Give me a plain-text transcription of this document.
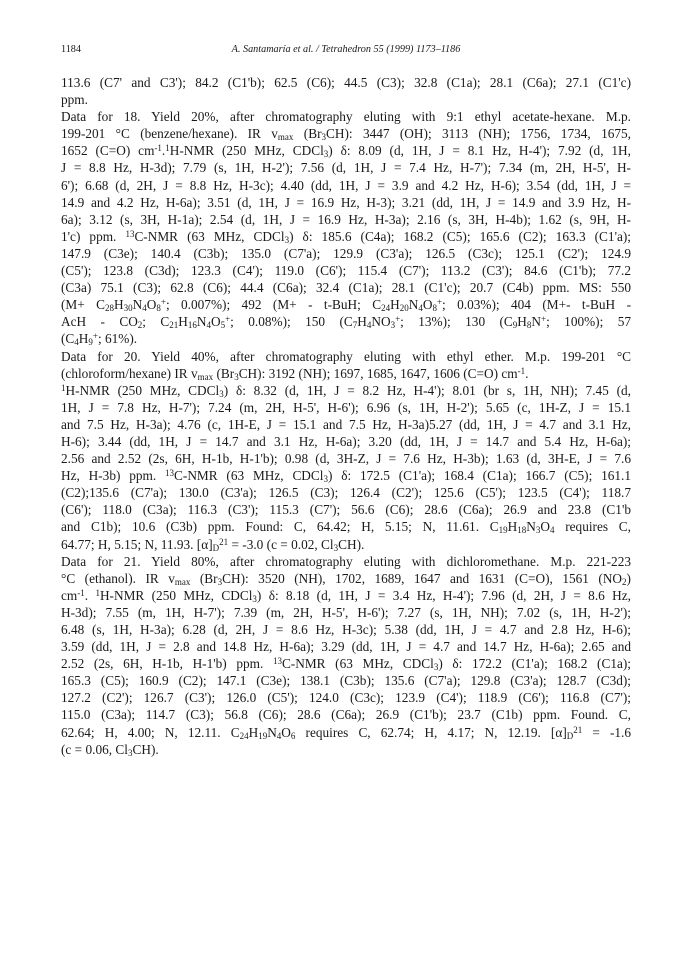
1184	A. Santamaría et al. / Tetrahedron 55 (1999) 1173–1186
113.6 (C7' and C3'); 84.2 (C1'b); 62.5 (C6); 44.5 (C3); 32.8 (C1a); 28.1 (C6a); 27.1 (C1'c)
ppm.
Data for 18. Yield 20%, after chromatography eluting with 9:1 ethyl acetate-hexane. M.p.
199-201 °C (benzene/hexane). IR $v_{max}$ $(Br_3CH)$: 3447 (OH); 3113 (NH); 1756, 1734, 1675,
1652 (C=O) $cm^{-1}.^1H$-NMR (250 MHz, CDCl$_3$) δ: 8.09 (d, 1H, J = 8.1 Hz, H-4'); 7.92 (d, 1H,
J = 8.8 Hz, H-3d); 7.79 (s, 1H, H-2'); 7.56 (d, 1H, J = 7.4 Hz, H-7'); 7.34 (m, 2H, H-5', H-
6'); 6.68 (d, 2H, J = 8.8 Hz, H-3c); 4.40 (dd, 1H, J = 3.9 and 4.2 Hz, H-6); 3.54 (dd, 1H, J =
14.9 and 4.2 Hz, H-6a); 3.51 (d, 1H, J = 16.9 Hz, H-3); 3.21 (dd, 1H, J = 14.9 and 3.9 Hz, H-
6a); 3.12 (s, 3H, H-1a); 2.54 (d, 1H, J = 16.9 Hz, H-3a); 2.16 (s, 3H, H-4b); 1.62 (s, 9H, H-
1'c) ppm. $^{13}$C-NMR (63 MHz, CDCl$_3$) δ: 185.6 (C4a); 168.2 (C5); 165.6 (C2); 163.3 (C1'a);
147.9 (C3e); 140.4 (C3b); 135.0 (C7'a); 129.9 (C3'a); 126.5 (C3c); 125.1 (C2'); 124.9
(C5'); 123.8 (C3d); 123.3 (C4'); 119.0 (C6'); 115.4 (C7'); 113.2 (C3'); 84.6 (C1'b); 77.2
(C3a) 75.1 (C3); 62.8 (C6); 44.4 (C6a); 32.4 (C1a); 28.1 (C1'c); 20.7 (C4b) ppm. MS: 550
($M+ C_{28}H_{30}N_4O_8^+$; 0.007%); 492 (M+ - t-BuH; $C_{24}H_{20}N_4O_8^+$; 0.03%); 404 (M+- t-BuH -
AcH - $CO_2$; $C_{21}H_{16}N_4O_5^+$; 0.08%); 150 ($C_7H_4NO_3^+$; 13%); 130 ($C_9H_8N^+$; 100%); 57
($C_4H_9^+$; 61%).
Data for 20. Yield 40%, after chromatography eluting with ethyl ether. M.p. 199-201 °C
(chloroform/hexane) IR $v_{max}$ $(Br_3CH)$: 3192 (NH); 1697, 1685, 1647, 1606 (C=O) $cm^{-1}$.
$^1$H-NMR (250 MHz, CDCl$_3$) δ: 8.32 (d, 1H, J = 8.2 Hz, H-4'); 8.01 (br s, 1H, NH); 7.45 (d,
1H, J = 7.8 Hz, H-7'); 7.24 (m, 2H, H-5', H-6'); 6.96 (s, 1H, H-2'); 5.65 (c, 1H-Z, J = 15.1
and 7.5 Hz, H-3a); 4.76 (c, 1H-E, J = 15.1 and 7.5 Hz, H-3a)5.27 (dd, 1H, J = 4.7 and 3.1 Hz,
H-6); 3.44 (dd, 1H, J = 14.7 and 3.1 Hz, H-6a); 3.20 (dd, 1H, J = 14.7 and 5.4 Hz, H-6a);
2.56 and 2.52 (2s, 6H, H-1b, H-1'b); 0.98 (d, 3H-Z, J = 7.6 Hz, H-3b); 1.63 (d, 3H-E, J = 7.6
Hz, H-3b) ppm. $^{13}$C-NMR (63 MHz, CDCl$_3$) δ: 172.5 (C1'a); 168.4 (C1a); 166.7 (C5); 161.1
(C2);135.6 (C7'a); 130.0 (C3'a); 126.5 (C3); 126.4 (C2'); 125.6 (C5'); 123.5 (C4'); 118.7
(C6'); 118.0 (C3a); 116.3 (C3'); 115.3 (C7'); 56.6 (C6); 28.6 (C6a); 26.9 and 23.8 (C1'b
and C1b); 10.6 (C3b) ppm. Found: C, 64.42; H, 5.15; N, 11.61. $C_{19}H_{18}N_3O_4$ requires C,
64.77; H, 5.15; N, 11.93. $[\alpha]_D^{21} = -3.0$ (c = 0.02, $Cl_3CH$).
Data for 21. Yield 80%, after chromatography eluting with dichloromethane. M.p. 221-223
°C (ethanol). IR $v_{max}$ $(Br_3CH)$: 3520 (NH), 1702, 1689, 1647 and 1631 (C=O), 1561 $(NO_2)$
$cm^{-1}$. $^1$H-NMR (250 MHz, CDCl$_3$) δ: 8.18 (d, 1H, J = 3.4 Hz, H-4'); 7.96 (d, 2H, J = 8.6 Hz,
H-3d); 7.55 (m, 1H, H-7'); 7.39 (m, 2H, H-5', H-6'); 7.27 (s, 1H, NH); 7.02 (s, 1H, H-2');
6.48 (s, 1H, H-3a); 6.28 (d, 2H, J = 8.6 Hz, H-3c); 5.38 (dd, 1H, J = 4.7 and 2.8 Hz, H-6);
3.59 (dd, 1H, J = 2.8 and 14.8 Hz, H-6a); 3.29 (dd, 1H, J = 4.7 and 14.7 Hz, H-6a); 2.65 and
2.52 (2s, 6H, H-1b, H-1'b) ppm. $^{13}$C-NMR (63 MHz, CDCl$_3$) δ: 172.2 (C1'a); 168.2 (C1a);
165.3 (C5); 160.9 (C2); 147.1 (C3e); 138.1 (C3b); 135.6 (C7'a); 129.8 (C3'a); 128.7 (C3d);
127.2 (C2'); 126.7 (C3'); 126.0 (C5'); 124.0 (C3c); 123.9 (C4'); 118.9 (C6'); 116.8 (C7');
115.0 (C3a); 114.7 (C3); 56.8 (C6); 28.6 (C6a); 26.9 (C1'b); 23.7 (C1b) ppm. Found. C,
62.64; H, 4.00; N, 12.11. $C_{24}H_{19}N_4O_6$ requires C, 62.74; H, 4.17; N, 12.19. $[\alpha]_D^{21} = -1.6$
(c = 0.06, $Cl_3CH$).
